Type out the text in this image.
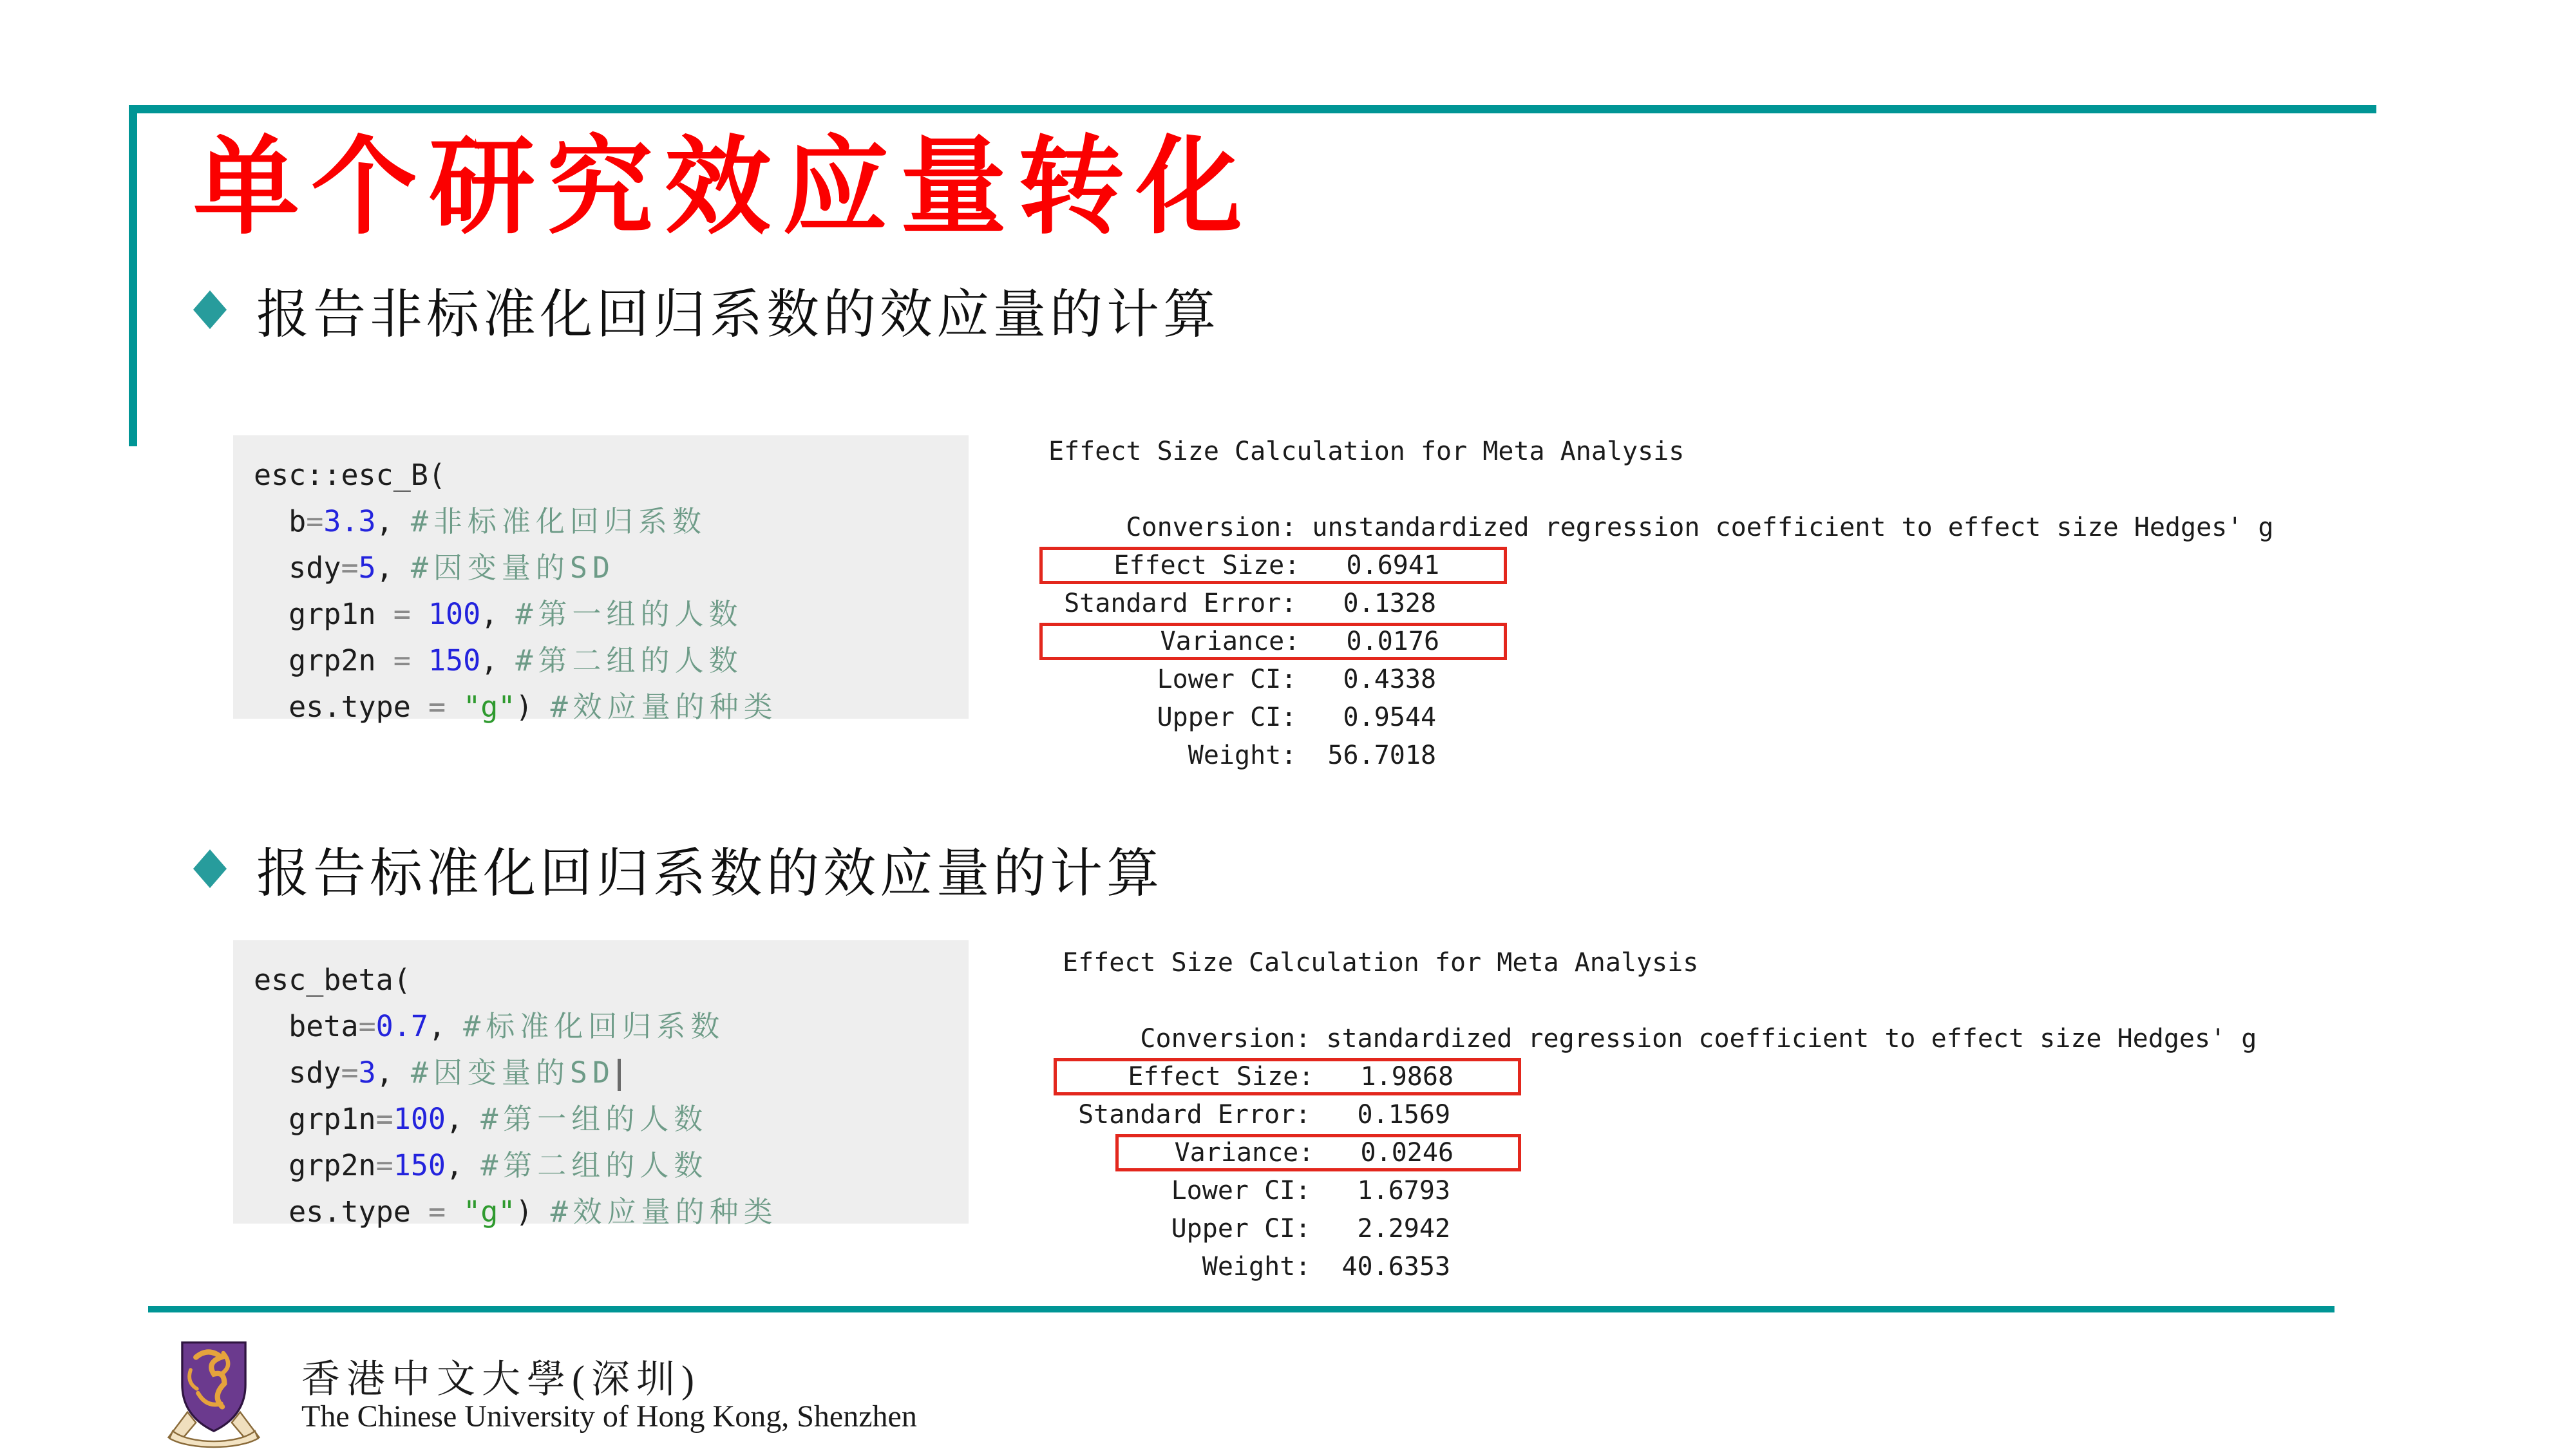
单个研究效应量转化
报告非标准化回归系数的效应量的计算
esc::esc_B(
b=3.3, #非标准化回归系数
sdy=5, #因变量的SD
grp1n = 100, #第一组的人数
grp2n = 150, #第二组的人数
es.type = "g") #效应量的种类
Effect Size Calculation for Meta Analysis

Conversion: unstandardized regression coefficient to effect size Hedges' g
Effect Size:   0.6941
Standard Error:   0.1328
Variance:   0.0176
Lower CI:   0.4338
Upper CI:   0.9544
Weight:  56.7018
报告标准化回归系数的效应量的计算
esc_beta(
beta=0.7, #标准化回归系数
sdy=3, #因变量的SD
grp1n=100, #第一组的人数
grp2n=150, #第二组的人数
es.type = "g") #效应量的种类
Effect Size Calculation for Meta Analysis

Conversion: standardized regression coefficient to effect size Hedges' g
Effect Size:   1.9868
Standard Error:   0.1569
Variance:   0.0246
Lower CI:   1.6793
Upper CI:   2.2942
Weight:  40.6353
香港中文大學(深圳)
The Chinese University of Hong Kong, Shenzhen
